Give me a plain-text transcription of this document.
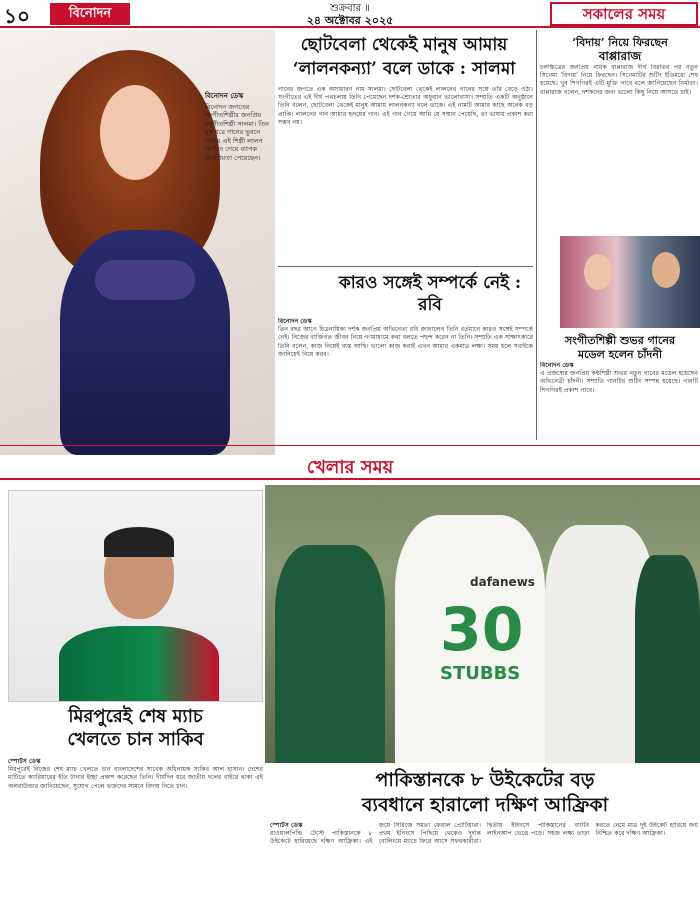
১০	বিনোদন	শুক্রবার ॥
২৪ অক্টোবর ২০২৫	সকালের সময়
বিনোদন ডেস্ক
বিনোদন জগতের সংগীতশিল্পীর জনপ্রিয় সংগীতশিল্পী সালমা। তিন যুগ ধরে গানের ভুবনে সক্রিয় এই শিল্পী লালন সংগীত গেয়ে ব্যাপক জনপ্রিয়তা পেয়েছেন।
ছোটবেলা থেকেই মানুষ আমায়
‘লালনকন্যা’ বলে ডাকে : সালমা
গানের জগতে এক অসাধারণ নাম সালমা। ছোটবেলা থেকেই লালনের গানের সঙ্গে তাঁর বেড়ে ওঠা। সংগীতের এই দীর্ঘ পথচলায় তিনি পেয়েছেন দর্শক-শ্রোতার অফুরান ভালোবাসা। সম্প্রতি একটি অনুষ্ঠানে তিনি বলেন, ছোটবেলা থেকেই মানুষ আমায় লালনকন্যা বলে ডাকে। এই নামটি আমার কাছে অনেক বড় প্রাপ্তি। লালনের গান আমার হৃদয়ের গান। এই গান গেয়ে আমি যে সম্মান পেয়েছি, তা ভাষায় প্রকাশ করা সম্ভব নয়।
কারও সঙ্গেই সম্পর্কে নেই : রবি
বিনোদন ডেস্ক
তিন বছর আগে চিত্রনায়িকা দর্শক জনপ্রিয় অভিনেতা রবি জানালেন তিনি বর্তমানে কারও সঙ্গেই সম্পর্কে নেই। নিজের ব্যক্তিগত জীবন নিয়ে গণমাধ্যমে কথা বলতে পছন্দ করেন না তিনি। সম্প্রতি এক সাক্ষাৎকারে তিনি বলেন, কাজ নিয়েই ব্যস্ত আছি। ভালো কাজ করাই এখন আমার একমাত্র লক্ষ্য। সময় হলে সবাইকে জানিয়েই বিয়ে করব।
‘বিদায়’ নিয়ে ফিরছেন
বাপ্পারাজ
চলচ্চিত্রের জনপ্রিয় নায়ক বাপ্পারাজ দীর্ঘ বিরতির পর নতুন সিনেমা ‘বিদায়’ নিয়ে ফিরছেন। সিনেমাটির শুটিং ইতিমধ্যে শেষ হয়েছে। খুব শিগগিরই এটি মুক্তি পাবে বলে জানিয়েছেন নির্মাতা। বাপ্পারাজ বলেন, দর্শকদের জন্য ভালো কিছু নিয়ে আসতে চাই।
সংগীতশিল্পী শুভর গানের
মডেল হলেন চাঁদনী
বিনোদন ডেস্ক
এ প্রজন্মের জনপ্রিয় কন্ঠশিল্পী শুভর নতুন গানের মডেল হয়েছেন অভিনেত্রী চাঁদনী। সম্প্রতি গানটির শুটিং সম্পন্ন হয়েছে। গানটি শিগগিরই প্রকাশ পাবে।
খেলার সময়
মিরপুরেই শেষ ম্যাচ
খেলতে চান সাকিব
স্পোর্টস ডেস্ক
মিরপুরেই নিজের শেষ ম্যাচ খেলতে চান বাংলাদেশের সাবেক অধিনায়ক সাকিব আল হাসান। দেশের মাটিতে ক্যারিয়ারের ইতি টানার ইচ্ছা প্রকাশ করেছেন তিনি। দীর্ঘদিন ধরে জাতীয় দলের বাইরে থাকা এই অলরাউন্ডার জানিয়েছেন, সুযোগ পেলে ভক্তদের সামনে বিদায় নিতে চান।
dafanews
30
STUBBS
পাকিস্তানকে ৮ উইকেটের বড়
ব্যবধানে হারালো দক্ষিণ আফ্রিকা
স্পোর্টস ডেস্ক
রাওয়ালপিন্ডি টেস্টে পাকিস্তানকে ৮ উইকেটে হারিয়েছে দক্ষিণ আফ্রিকা। এই জয়ে সিরিজে সমতা ফেরাল প্রোটিয়ারা। প্রথম ইনিংসে পিছিয়ে থেকেও দুর্দান্ত বোলিংয়ে ম্যাচে ফিরে আসে সফরকারীরা। দ্বিতীয় ইনিংসে পাকিস্তানের ব্যাটিং লাইনআপ ভেঙে পড়ে। সহজ লক্ষ্য তাড়া করতে নেমে মাত্র দুই উইকেট হারিয়ে জয় নিশ্চিত করে দক্ষিণ আফ্রিকা।
